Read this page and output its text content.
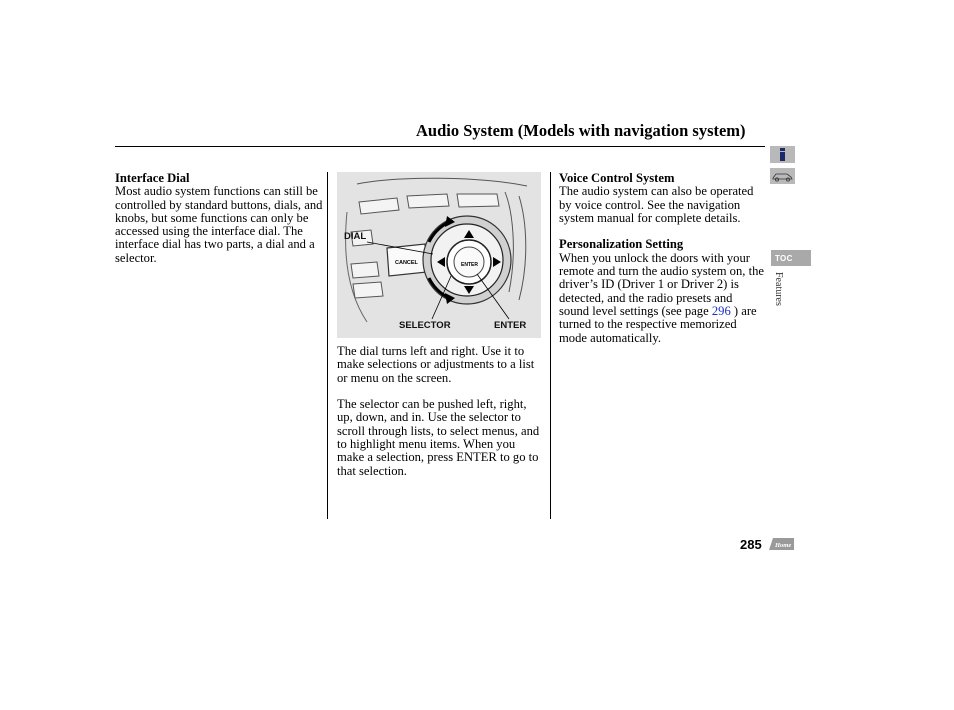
Audio System (Models with navigation system)
Interface Dial

Most audio system functions can still be controlled by standard buttons, dials, and knobs, but some functions can only be accessed using the interface dial. The interface dial has two parts, a dial and a selector.	CANCEL	ENTER
DIAL
SELECTOR	ENTER

The dial turns left and right. Use it to make selections or adjustments to a list or menu on the screen.

The selector can be pushed left, right, up, down, and in. Use the selector to scroll through lists, to select menus, and to highlight menu items. When you make a selection, press ENTER to go to that selection.

Voice Control System

The audio system can also be operated by voice control. See the navigation system manual for complete details.

Personalization Setting

When you unlock the doors with your remote and turn the audio system on, the driver’s ID (Driver 1 or Driver 2) is detected, and the radio presets and sound level settings (see page 296 ) are turned to the respective memorized mode automatically.

TOC
Features
285 Home
